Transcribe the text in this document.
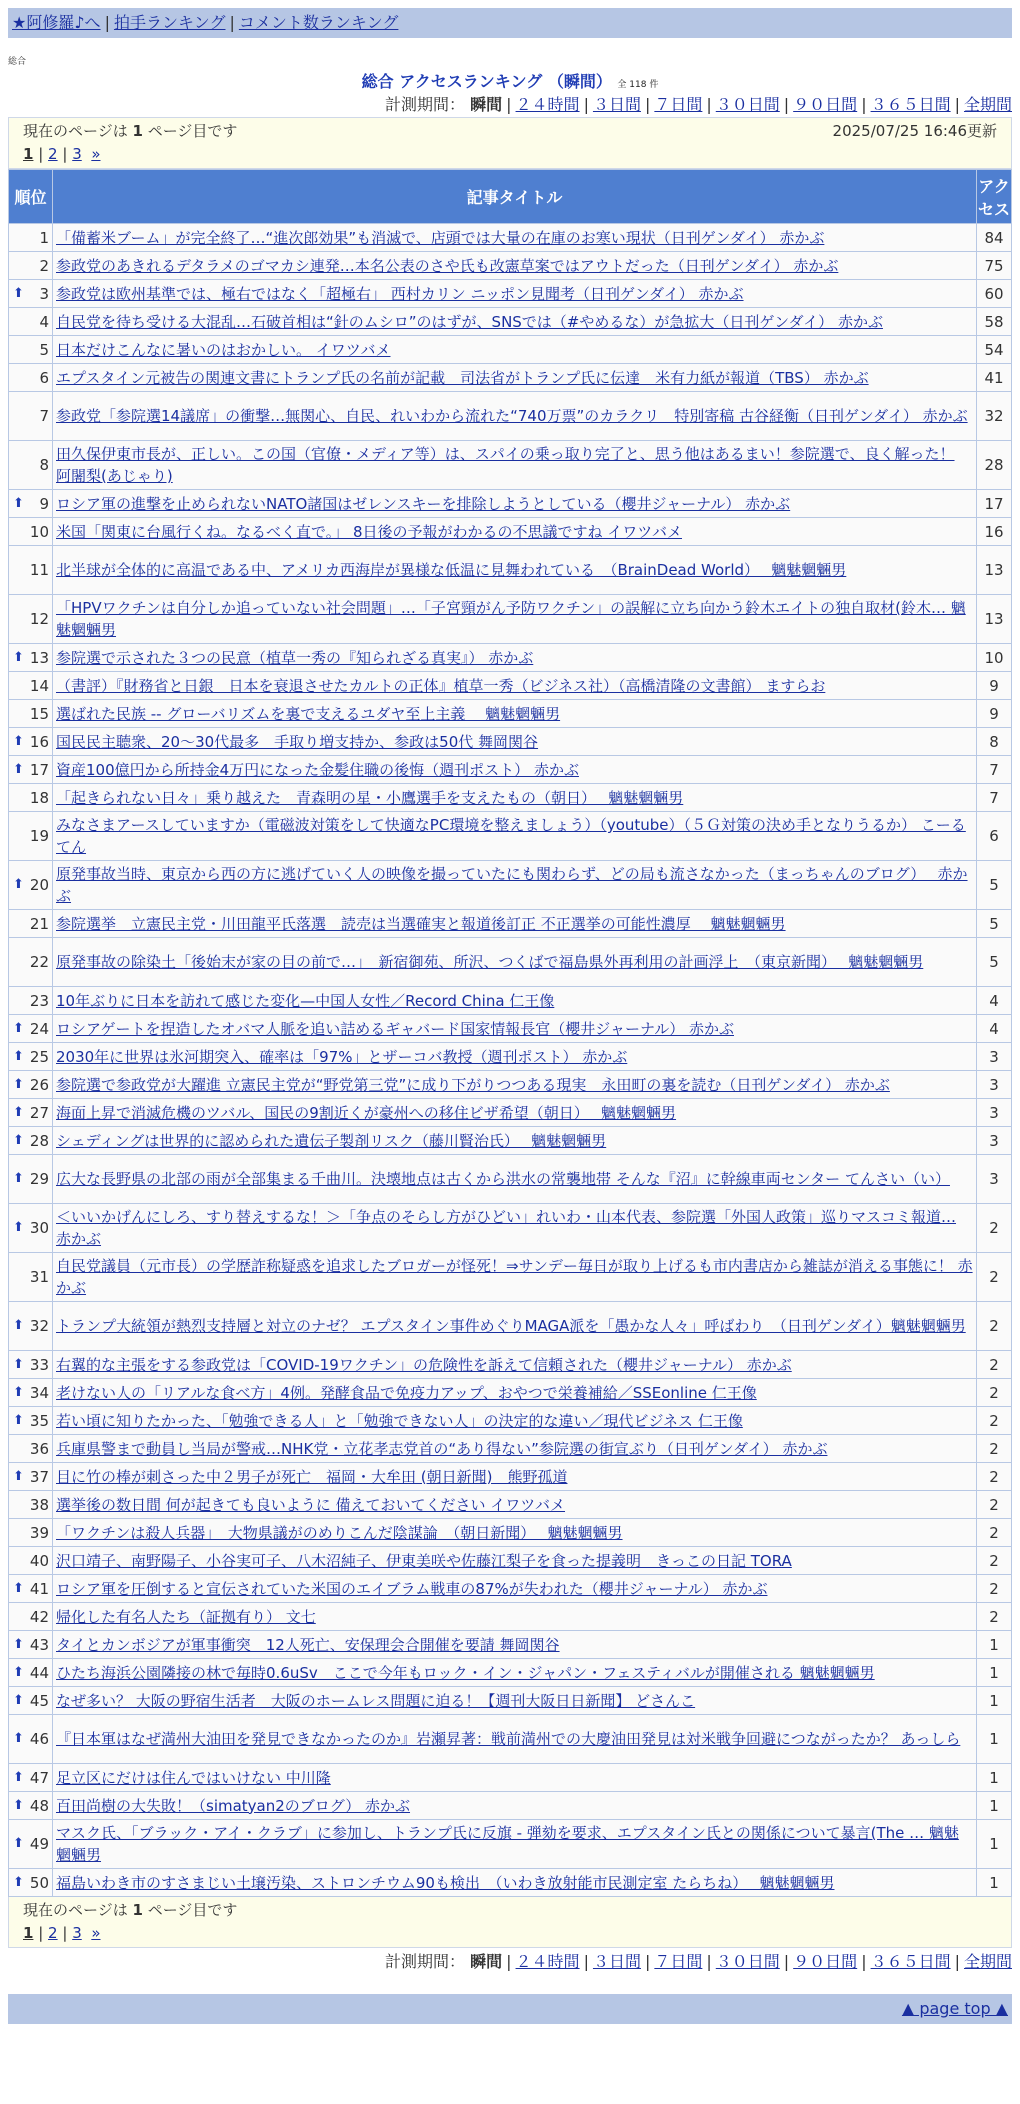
★阿修羅♪へ | 拍手ランキング | コメント数ランキング
総合
総合 アクセスランキング （瞬間） 全 118 件
計測期間： 瞬間 | ２４時間 | ３日間 | ７日間 | ３０日間 | ９０日間 | ３６５日間 | 全期間
現在のページは 1 ページ目です	2025/07/25 16:46更新
1 | 2 | 3 »
順位	記事タイトル	アクセス
1	「備蓄米ブーム」が完全終了…“進次郎効果”も消滅で、店頭では大量の在庫のお寒い現状（日刊ゲンダイ） 赤かぶ	84
2	参政党のあきれるデタラメのゴマカシ連発…本名公表のさや氏も改憲草案ではアウトだった（日刊ゲンダイ） 赤かぶ	75

⬆ 3	参政党は欧州基準では、極右ではなく「超極右」 西村カリン ニッポン見聞考（日刊ゲンダイ） 赤かぶ	60
4	自民党を待ち受ける大混乱…石破首相は“針のムシロ”のはずが、SNSでは（#やめるな）が急拡大（日刊ゲンダイ） 赤かぶ	58
5	日本だけこんなに暑いのはおかしい。 イワツバメ	54
6	エプスタイン元被告の関連文書にトランプ氏の名前が記載　司法省がトランプ氏に伝達　米有力紙が報道（TBS） 赤かぶ	41
7	参政党「参院選14議席」の衝撃…無関心、自民、れいわから流れた“740万票”のカラクリ　特別寄稿 古谷経衡（日刊ゲンダイ） 赤かぶ	32
8	田久保伊東市長が、正しい。この国（官僚・メディア等）は、スパイの乗っ取り完了と、思う他はあるまい！参院選で、良く解った！ 阿闍梨(あじゃり)	28

⬆ 9	ロシア軍の進撃を止められないNATO諸国はゼレンスキーを排除しようとしている（櫻井ジャーナル） 赤かぶ	17
10	米国「関東に台風行くね。なるべく直で。」 8日後の予報がわかるの不思議ですね イワツバメ	16
11	北半球が全体的に高温である中、アメリカ西海岸が異様な低温に見舞われている　（BrainDead World）　 魑魅魍魎男	13
12	「HPVワクチンは自分しか追っていない社会問題」…「子宮頸がん予防ワクチン」の誤解に立ち向かう鈴木エイトの独自取材(鈴木… 魑魅魍魎男	13

⬆ 13	参院選で示された３つの民意（植草一秀の『知られざる真実』） 赤かぶ	10
14	（書評）『財務省と日銀　日本を衰退させたカルトの正体』植草一秀（ビジネス社）（高橋清隆の文書館） ますらお	9
15	選ばれた民族 -- グローバリズムを裏で支えるユダヤ至上主義　 魑魅魍魎男	9

⬆ 16	国民民主聴衆、20～30代最多　手取り増支持か、参政は50代 舞岡関谷	8

⬆ 17	資産100億円から所持金4万円になった金髪住職の後悔（週刊ポスト） 赤かぶ	7
18	「起きられない日々」乗り越えた　青森明の星・小鷹選手を支えたもの（朝日）　 魑魅魍魎男	7
19	みなさまアースしていますか（電磁波対策をして快適なPC環境を整えましょう）（youtube）（５Ｇ対策の決め手となりうるか） こーるてん	6

⬆ 20	原発事故当時、東京から西の方に逃げていく人の映像を撮っていたにも関わらず、どの局も流さなかった（まっちゃんのブログ）　 赤かぶ	5
21	参院選挙　立憲民主党・川田龍平氏落選　読売は当選確実と報道後訂正 不正選挙の可能性濃厚　 魑魅魍魎男	5
22	原発事故の除染土「後始末が家の目の前で…」　新宿御苑、所沢、つくばで福島県外再利用の計画浮上　（東京新聞）　 魑魅魍魎男	5
23	10年ぶりに日本を訪れて感じた変化—中国人女性／Record China 仁王像	4

⬆ 24	ロシアゲートを捏造したオバマ人脈を追い詰めるギャバード国家情報長官（櫻井ジャーナル） 赤かぶ	4

⬆ 25	2030年に世界は氷河期突入、確率は「97%」とザーコバ教授（週刊ポスト） 赤かぶ	3

⬆ 26	参院選で参政党が大躍進 立憲民主党が“野党第三党”に成り下がりつつある現実　永田町の裏を読む（日刊ゲンダイ） 赤かぶ	3

⬆ 27	海面上昇で消滅危機のツバル、国民の9割近くが豪州への移住ビザ希望（朝日）　 魑魅魍魎男	3

⬆ 28	シェディングは世界的に認められた遺伝子製剤リスク（藤川賢治氏）　 魑魅魍魎男	3

⬆ 29	広大な長野県の北部の雨が全部集まる千曲川。決壊地点は古くから洪水の常襲地帯 そんな『沼』に幹線車両センター てんさい（い）	3

⬆ 30	＜いいかげんにしろ、すり替えするな！＞「争点のそらし方がひどい」れいわ・山本代表、参院選「外国人政策」巡りマスコミ報道… 赤かぶ	2
31	自民党議員（元市長）の学歴詐称疑惑を追求したブロガーが怪死！⇒サンデー毎日が取り上げるも市内書店から雑誌が消える事態に！ 赤かぶ	2

⬆ 32	トランプ大統領が熱烈支持層と対立のナゼ？ エプスタイン事件めぐりMAGA派を「愚かな人々」呼ばわり　（日刊ゲンダイ）魑魅魍魎男	2

⬆ 33	右翼的な主張をする参政党は「COVID-19ワクチン」の危険性を訴えて信頼された（櫻井ジャーナル） 赤かぶ	2

⬆ 34	老けない人の「リアルな食べ方」4例。発酵食品で免疫力アップ、おやつで栄養補給／SSEonline 仁王像	2

⬆ 35	若い頃に知りたかった、「勉強できる人」と「勉強できない人」の決定的な違い／現代ビジネス 仁王像	2
36	兵庫県警まで動員し当局が警戒…NHK党・立花孝志党首の“あり得ない”参院選の街宣ぶり（日刊ゲンダイ） 赤かぶ	2

⬆ 37	目に竹の棒が刺さった中２男子が死亡　福岡・大牟田 (朝日新聞)　熊野孤道	2
38	選挙後の数日間 何が起きても良いように 備えておいてください イワツバメ	2
39	「ワクチンは殺人兵器」　大物県議がのめりこんだ陰謀論　（朝日新聞）　 魑魅魍魎男	2
40	沢口靖子、南野陽子、小谷実可子、八木沼純子、伊東美咲や佐藤江梨子を食った提義明　きっこの日記 TORA	2

⬆ 41	ロシア軍を圧倒すると宣伝されていた米国のエイブラム戦車の87%が失われた（櫻井ジャーナル） 赤かぶ	2
42	帰化した有名人たち（証拠有り） 文七	2

⬆ 43	タイとカンボジアが軍事衝突　12人死亡、安保理会合開催を要請 舞岡関谷	1

⬆ 44	ひたち海浜公園隣接の林で毎時0.6uSv　ここで今年もロック・イン・ジャパン・フェスティバルが開催される 魑魅魍魎男	1

⬆ 45	なぜ多い？ 大阪の野宿生活者　大阪のホームレス問題に迫る！【週刊大阪日日新聞】 どさんこ	1

⬆ 46	『日本軍はなぜ満州大油田を発見できなかったのか』岩瀬昇著：戦前満州での大慶油田発見は対米戦争回避につながったか？ あっしら	1

⬆ 47	足立区にだけは住んではいけない 中川隆	1

⬆ 48	百田尚樹の大失敗！（simatyan2のブログ） 赤かぶ	1

⬆ 49	マスク氏、「ブラック・アイ・クラブ」に参加し、トランプ氏に反旗 - 弾劾を要求、エプスタイン氏との関係について暴言(The … 魑魅魍魎男	1

⬆ 50	福島いわき市のすさまじい土壌汚染、ストロンチウム90も検出　（いわき放射能市民測定室 たらちね）　 魑魅魍魎男	1
現在のページは 1 ページ目です
1 | 2 | 3 »
計測期間： 瞬間 | ２４時間 | ３日間 | ７日間 | ３０日間 | ９０日間 | ３６５日間 | 全期間
▲ page top ▲
